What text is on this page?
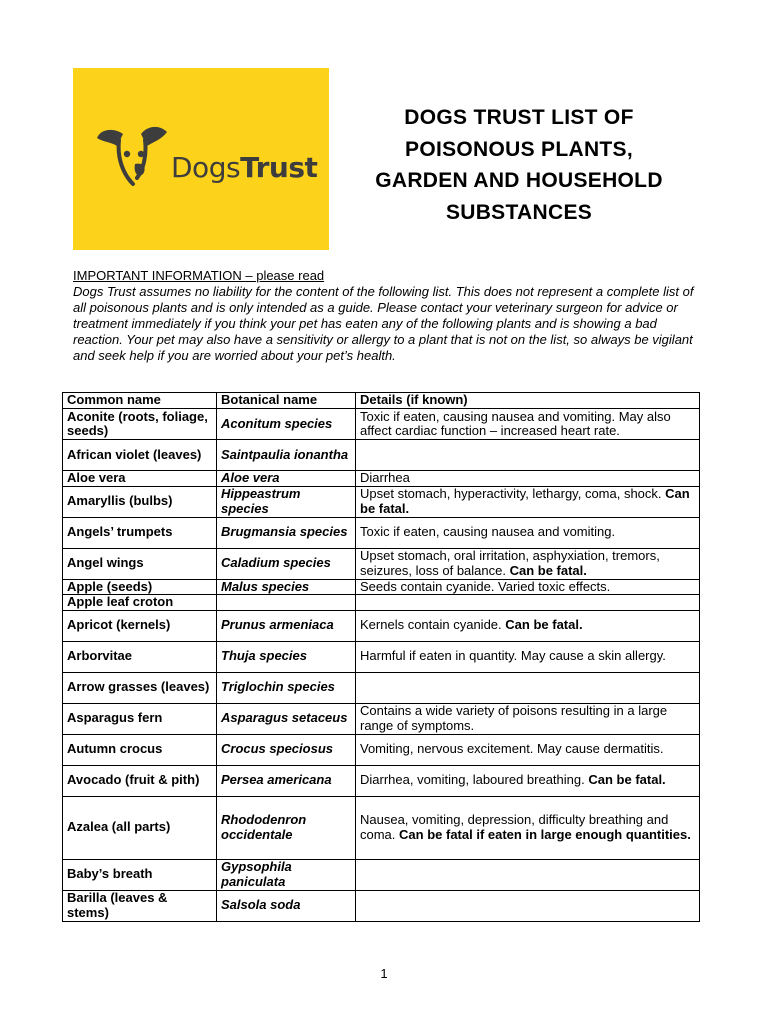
DogsTrust
DOGS TRUST LIST OF
POISONOUS PLANTS,
GARDEN AND HOUSEHOLD
SUBSTANCES
IMPORTANT INFORMATION – please read
Dogs Trust assumes no liability for the content of the following list. This does not represent a complete list of all poisonous plants and is only intended as a guide. Please contact your veterinary surgeon for advice or treatment immediately if you think your pet has eaten any of the following plants and is showing a bad reaction. Your pet may also have a sensitivity or allergy to a plant that is not on the list, so always be vigilant and seek help if you are worried about your pet’s health.
Common name	Botanical name	Details (if known)
Aconite (roots, foliage, seeds)	Aconitum species	Toxic if eaten, causing nausea and vomiting. May also affect cardiac function – increased heart rate.
African violet (leaves)	Saintpaulia ionantha	
Aloe vera	Aloe vera	Diarrhea
Amaryllis (bulbs)	Hippeastrum species	Upset stomach, hyperactivity, lethargy, coma, shock. Can be fatal.
Angels’ trumpets	Brugmansia species	Toxic if eaten, causing nausea and vomiting.
Angel wings	Caladium species	Upset stomach, oral irritation, asphyxiation, tremors, seizures, loss of balance. Can be fatal.
Apple (seeds)	Malus species	Seeds contain cyanide. Varied toxic effects.
Apple leaf croton		
Apricot (kernels)	Prunus armeniaca	Kernels contain cyanide. Can be fatal.
Arborvitae	Thuja species	Harmful if eaten in quantity. May cause a skin allergy.
Arrow grasses (leaves)	Triglochin species	
Asparagus fern	Asparagus setaceus	Contains a wide variety of poisons resulting in a large range of symptoms.
Autumn crocus	Crocus speciosus	Vomiting, nervous excitement. May cause dermatitis.
Avocado (fruit & pith)	Persea americana	Diarrhea, vomiting, laboured breathing. Can be fatal.
Azalea (all parts)	Rhododenron occidentale	Nausea, vomiting, depression, difficulty breathing and coma. Can be fatal if eaten in large enough quantities.
Baby’s breath	Gypsophila paniculata	
Barilla (leaves & stems)	Salsola soda	
1
